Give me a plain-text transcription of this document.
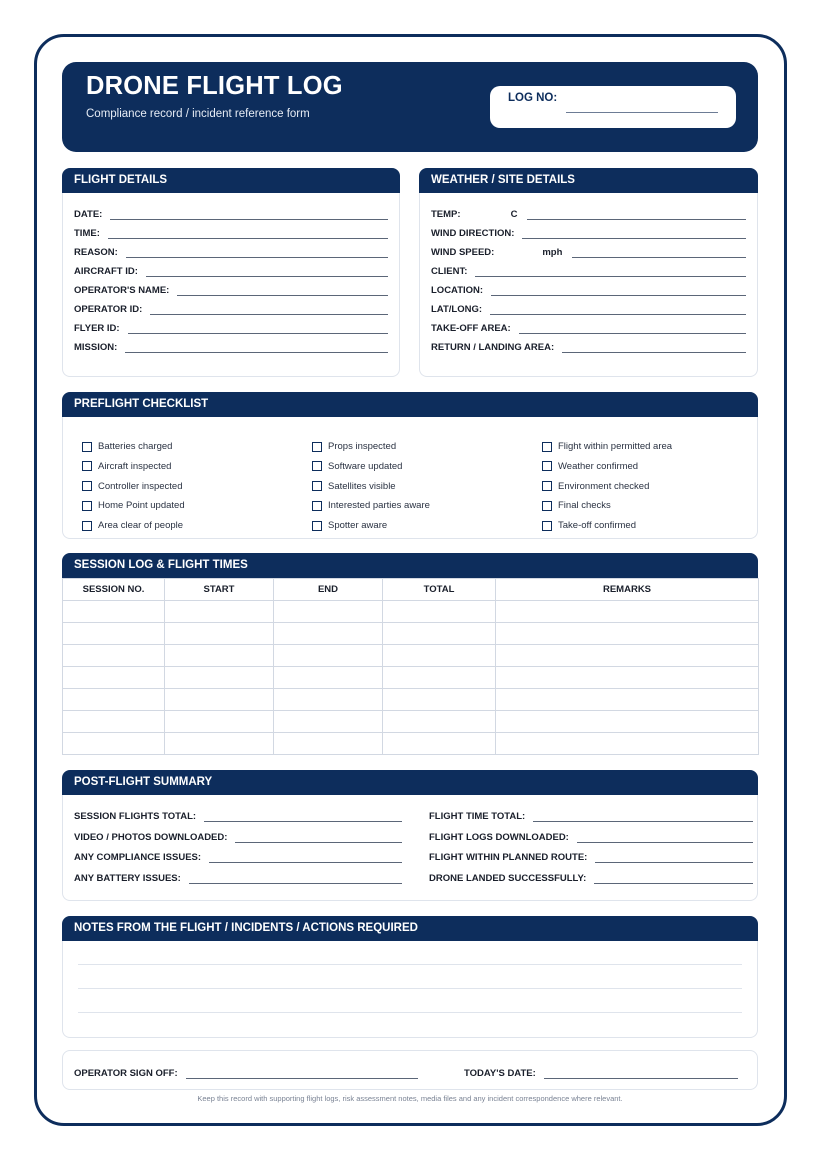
DRONE FLIGHT LOG
Compliance record / incident reference form
LOG NO:
FLIGHT DETAILS
DATE:
TIME:
REASON:
AIRCRAFT ID:
OPERATOR'S NAME:
OPERATOR ID:
FLYER ID:
MISSION:
WEATHER / SITE DETAILS
TEMP:	C
WIND DIRECTION:
WIND SPEED:	mph
CLIENT:
LOCATION:
LAT/LONG:
TAKE-OFF AREA:
RETURN / LANDING AREA:
PREFLIGHT CHECKLIST
Batteries charged
Aircraft inspected
Controller inspected
Home Point updated
Area clear of people
Props inspected
Software updated
Satellites visible
Interested parties aware
Spotter aware
Flight within permitted area
Weather confirmed
Environment checked
Final checks
Take-off confirmed
SESSION LOG & FLIGHT TIMES
SESSION NO.	START	END	TOTAL	REMARKS

POST-FLIGHT SUMMARY
SESSION FLIGHTS TOTAL:
VIDEO / PHOTOS DOWNLOADED:
ANY COMPLIANCE ISSUES:
ANY BATTERY ISSUES:
FLIGHT TIME TOTAL:
FLIGHT LOGS DOWNLOADED:
FLIGHT WITHIN PLANNED ROUTE:
DRONE LANDED SUCCESSFULLY:
NOTES FROM THE FLIGHT / INCIDENTS / ACTIONS REQUIRED
OPERATOR SIGN OFF:	TODAY'S DATE:
Keep this record with supporting flight logs, risk assessment notes, media files and any incident correspondence where relevant.
